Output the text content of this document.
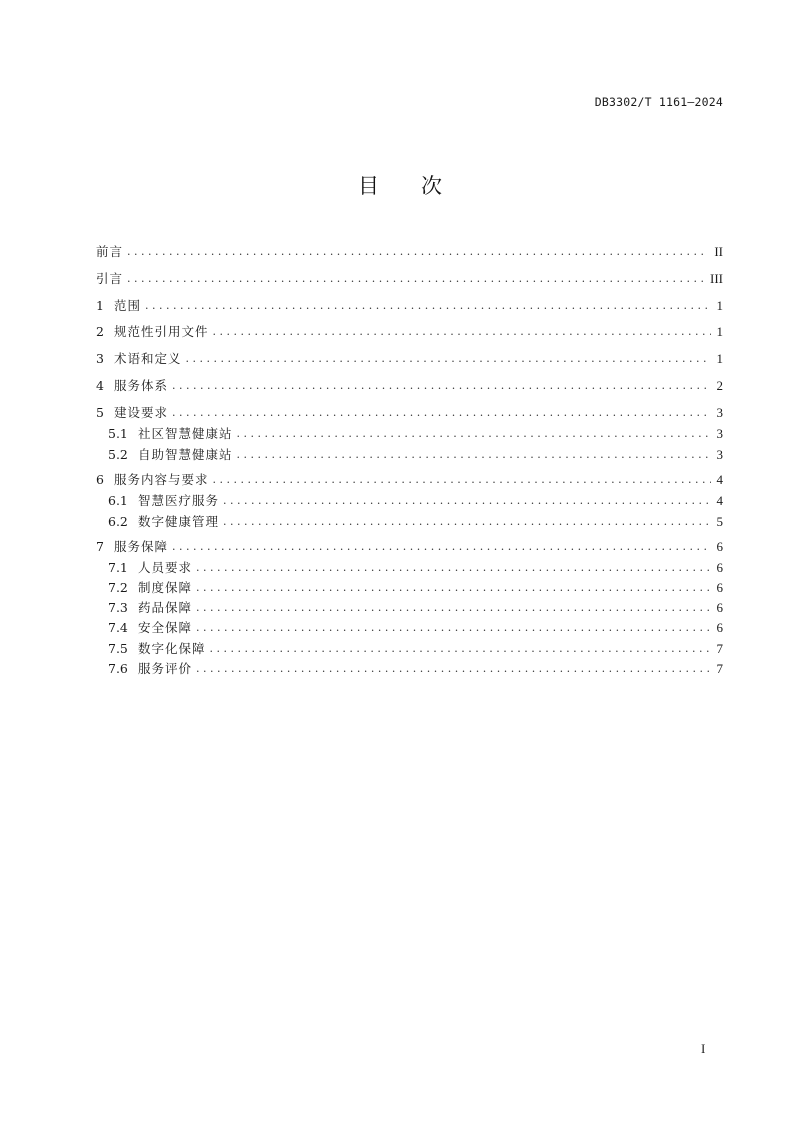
DB3302/T 1161—2024
目 次
前言 . . .	II
引言 . . .	III
1 范围 . . .	1
2 规范性引用文件 . . .	1
3 术语和定义 . . .	1
4 服务体系 . . .	2
5 建设要求 . . .	3
5.1 社区智慧健康站 . . .	3
5.2 自助智慧健康站 . . .	3
6 服务内容与要求 . . .	4
6.1 智慧医疗服务 . . .	4
6.2 数字健康管理 . . .	5
7 服务保障 . . .	6
7.1 人员要求 . . .	6
7.2 制度保障 . . .	6
7.3 药品保障 . . .	6
7.4 安全保障 . . .	6
7.5 数字化保障 . . .	7
7.6 服务评价 . . .	7
I
